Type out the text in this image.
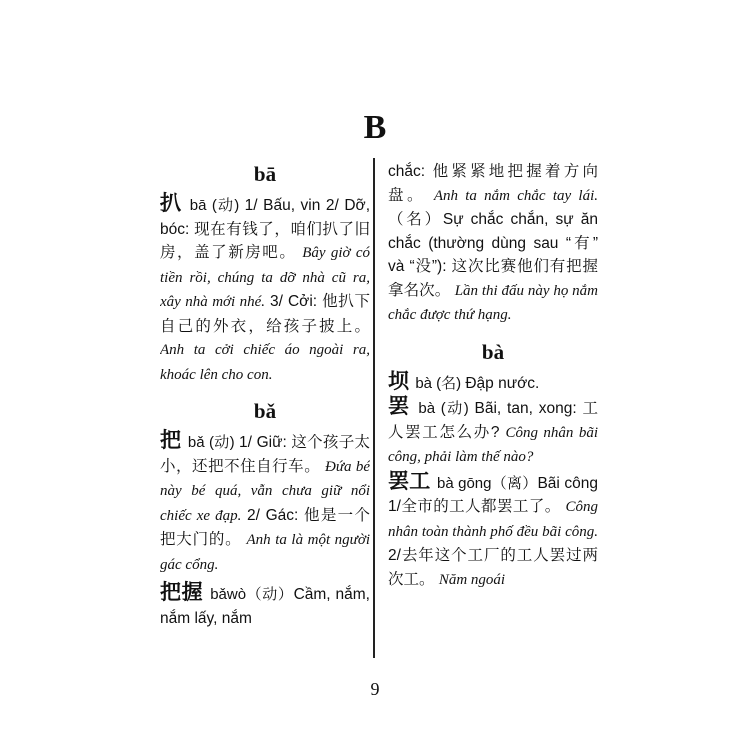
B
bā

扒 bā (动) 1/ Bấu, vin 2/ Dỡ, bóc: 现在有钱了，咱们扒了旧房，盖了新房吧。 Bây giờ có tiền rồi, chúng ta dỡ nhà cũ ra, xây nhà mới nhé. 3/ Cởi: 他扒下自己的外衣，给孩子披上。 Anh ta cởi chiếc áo ngoài ra, khoác lên cho con.

bǎ

把 bǎ (动) 1/ Giữ: 这个孩子太小，还把不住自行车。 Đứa bé này bé quá, vẫn chưa giữ nổi chiếc xe đạp. 2/ Gác: 他是一个把大门的。 Anh ta là một người gác cổng.

把握 bǎwò（动）Cầm, nắm, nắm lấy, nắm

chắc: 他紧紧地把握着方向盘。 Anh ta nắm chắc tay lái. （名）Sự chắc chắn, sự ăn chắc (thường dùng sau “有” và “没”): 这次比赛他们有把握拿名次。 Lần thi đấu này họ nắm chắc được thứ hạng.

bà

坝 bà (名) Đập nước.

罢 bà (动) Bãi, tan, xong: 工人罢工怎么办? Công nhân bãi công, phải làm thế nào?

罢工 bà gōng（离）Bãi công 1/全市的工人都罢工了。 Công nhân toàn thành phố đều bãi công. 2/去年这个工厂的工人罢过两次工。 Năm ngoái

9
